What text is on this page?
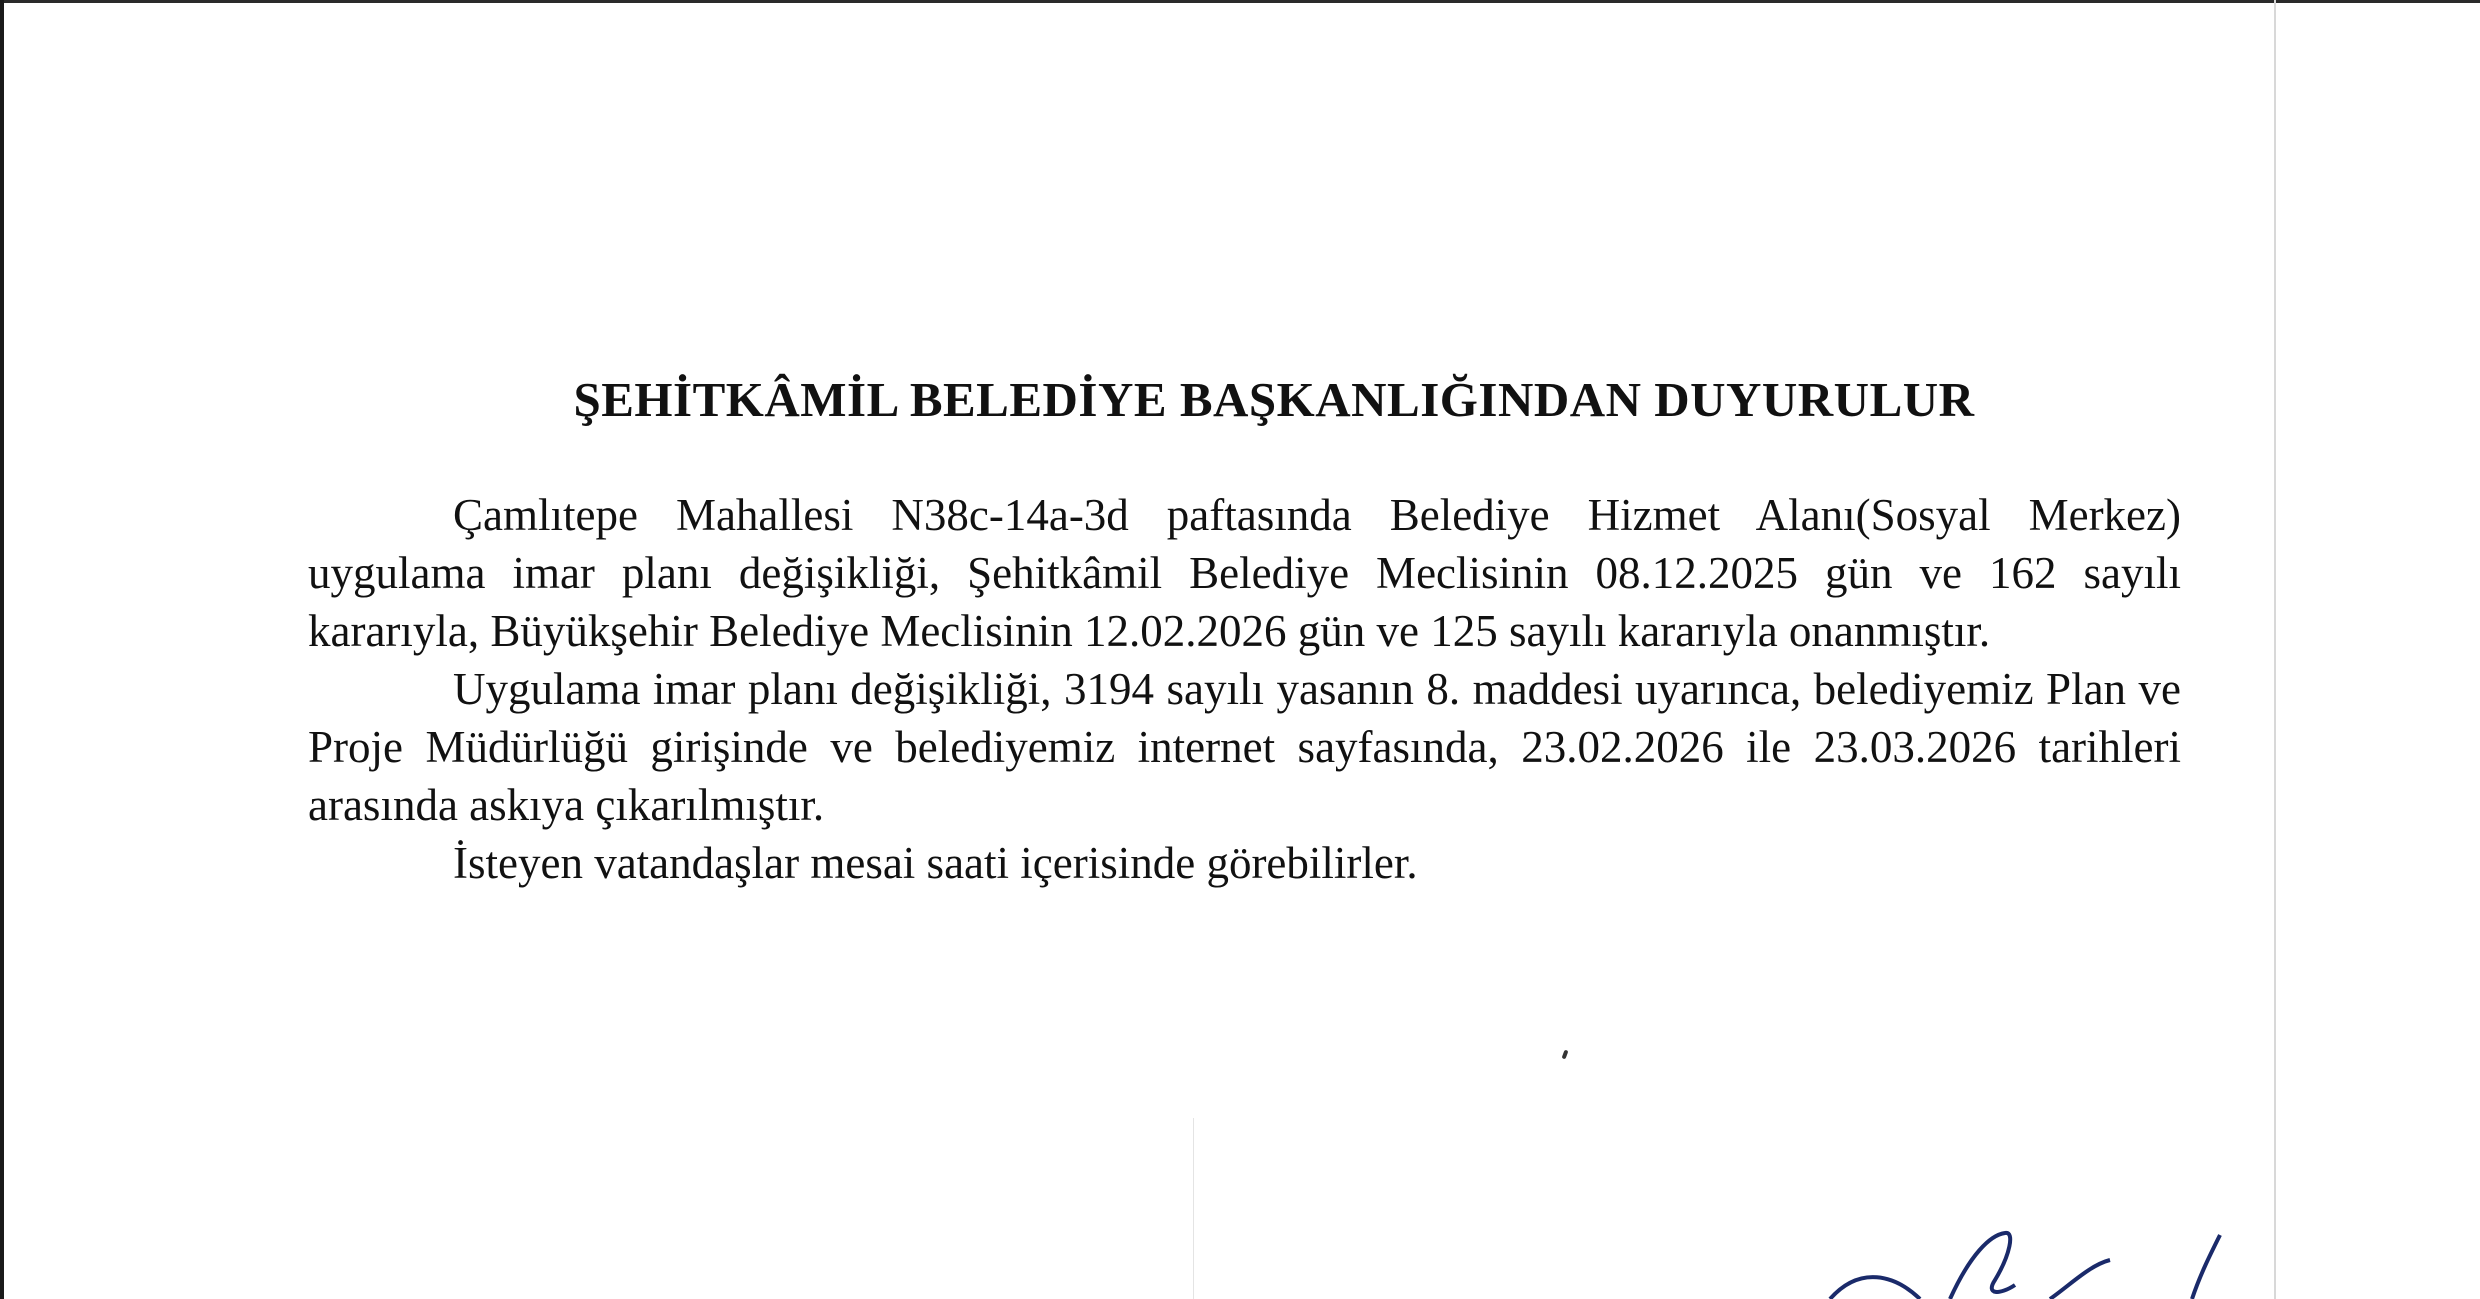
ŞEHİTKÂMİL BELEDİYE BAŞKANLIĞINDAN DUYURULUR

Çamlıtepe Mahallesi N38c-14a-3d paftasında Belediye Hizmet Alanı(Sosyal Merkez) uygulama imar planı değişikliği, Şehitkâmil Belediye Meclisinin 08.12.2025 gün ve 162 sayılı kararıyla, Büyükşehir Belediye Meclisinin 12.02.2026 gün ve 125 sayılı kararıyla onanmıştır.

Uygulama imar planı değişikliği, 3194 sayılı yasanın 8. maddesi uyarınca, belediyemiz Plan ve Proje Müdürlüğü girişinde ve belediyemiz internet sayfasında, 23.02.2026 ile 23.03.2026 tarihleri arasında askıya çıkarılmıştır.

İsteyen vatandaşlar mesai saati içerisinde görebilirler.
